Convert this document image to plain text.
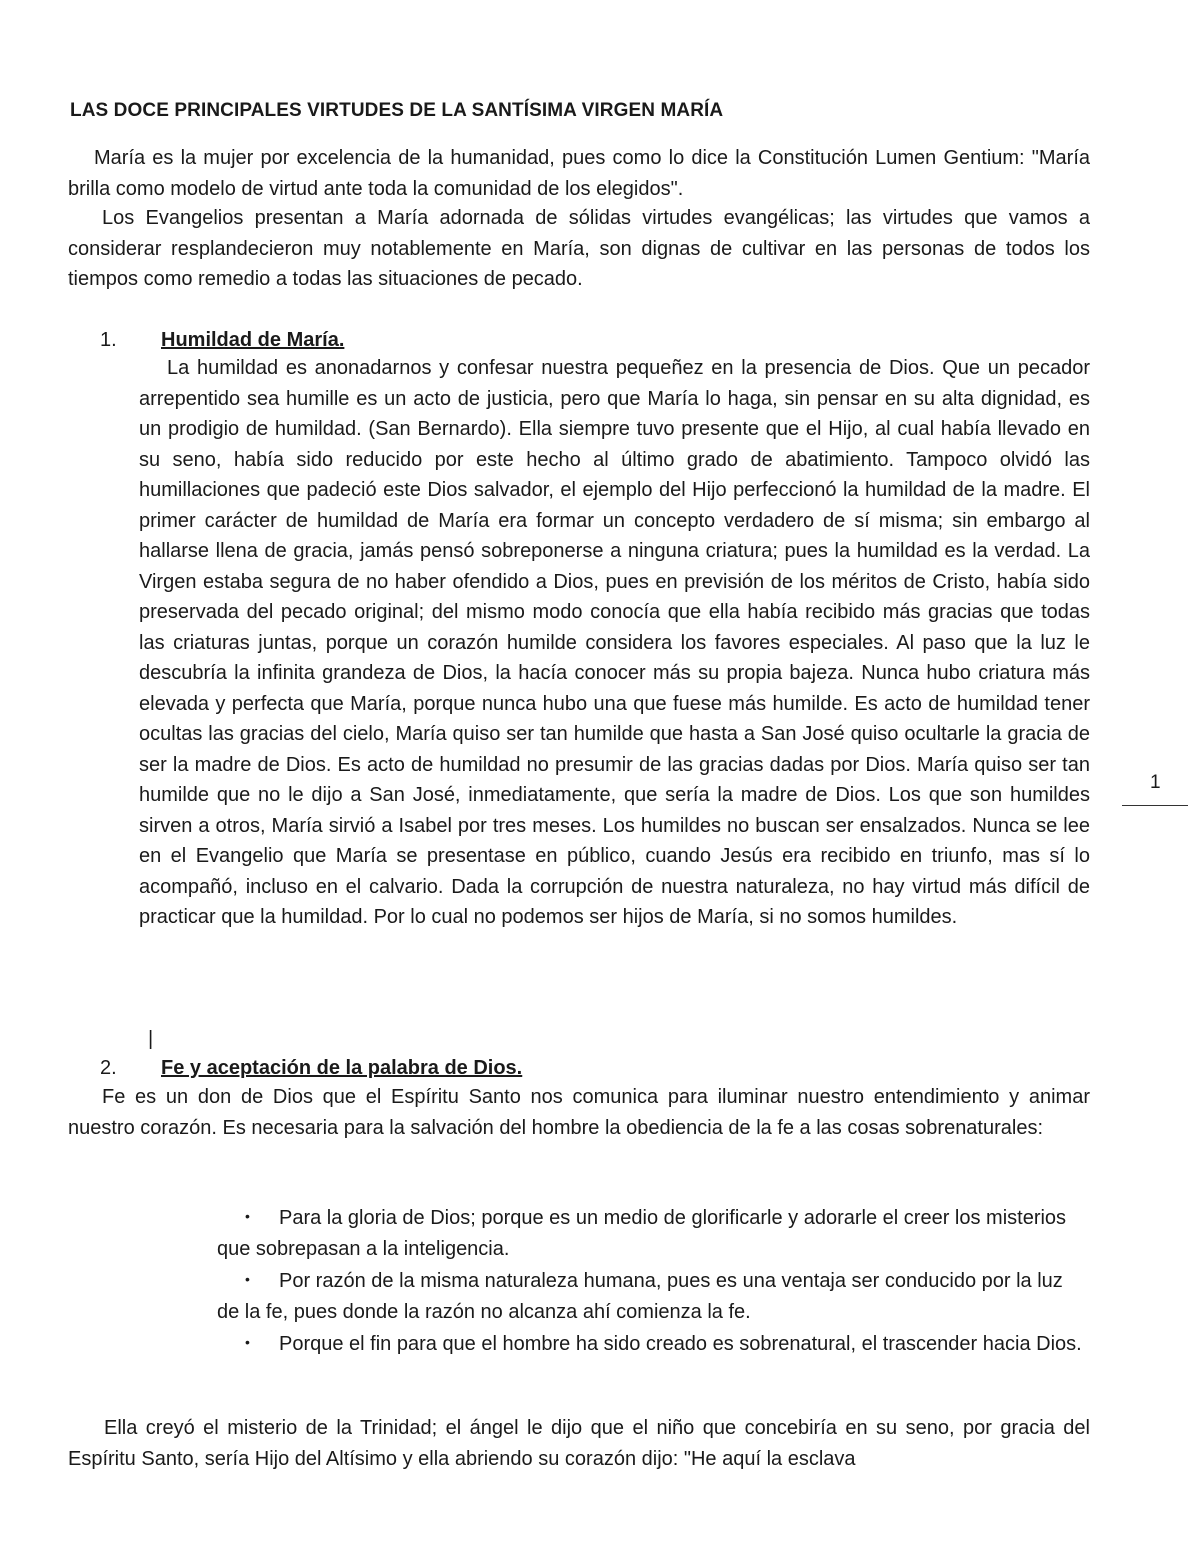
LAS DOCE PRINCIPALES VIRTUDES DE LA SANTÍSIMA VIRGEN MARÍA

María es la mujer por excelencia de la humanidad, pues como lo dice la Constitución Lumen Gentium: "María brilla como modelo de virtud ante toda la comunidad de los elegidos".

Los Evangelios presentan a María adornada de sólidas virtudes evangélicas; las virtudes que vamos a considerar resplandecieron muy notablemente en María, son dignas de cultivar en las personas de todos los tiempos como remedio a todas las situaciones de pecado.

1. Humildad de María.

La humildad es anonadarnos y confesar nuestra pequeñez en la presencia de Dios. Que un pecador arrepentido sea humille es un acto de justicia, pero que María lo haga, sin pensar en su alta dignidad, es un prodigio de humildad. (San Bernardo). Ella siempre tuvo presente que el Hijo, al cual había llevado en su seno, había sido reducido por este hecho al último grado de abatimiento. Tampoco olvidó las humillaciones que padeció este Dios salvador, el ejemplo del Hijo perfeccionó la humildad de la madre. El primer carácter de humildad de María era formar un concepto verdadero de sí misma; sin embargo al hallarse llena de gracia, jamás pensó sobreponerse a ninguna criatura; pues la humildad es la verdad. La Virgen estaba segura de no haber ofendido a Dios, pues en previsión de los méritos de Cristo, había sido preservada del pecado original; del mismo modo conocía que ella había recibido más gracias que todas las criaturas juntas, porque un corazón humilde considera los favores especiales. Al paso que la luz le descubría la infinita grandeza de Dios, la hacía conocer más su propia bajeza. Nunca hubo criatura más elevada y perfecta que María, porque nunca hubo una que fuese más humilde. Es acto de humildad tener ocultas las gracias del cielo, María quiso ser tan humilde que hasta a San José quiso ocultarle la gracia de ser la madre de Dios. Es acto de humildad no presumir de las gracias dadas por Dios. María quiso ser tan humilde que no le dijo a San José, inmediatamente, que sería la madre de Dios. Los que son humildes sirven a otros, María sirvió a Isabel por tres meses. Los humildes no buscan ser ensalzados. Nunca se lee en el Evangelio que María se presentase en público, cuando Jesús era recibido en triunfo, mas sí lo acompañó, incluso en el calvario. Dada la corrupción de nuestra naturaleza, no hay virtud más difícil de practicar que la humildad. Por lo cual no podemos ser hijos de María, si no somos humildes.

|
2. Fe y aceptación de la palabra de Dios.

Fe es un don de Dios que el Espíritu Santo nos comunica para iluminar nuestro entendimiento y animar nuestro corazón. Es necesaria para la salvación del hombre la obediencia de la fe a las cosas sobrenaturales:

• Para la gloria de Dios; porque es un medio de glorificarle y adorarle el creer los misterios que sobrepasan a la inteligencia.
• Por razón de la misma naturaleza humana, pues es una ventaja ser conducido por la luz de la fe, pues donde la razón no alcanza ahí comienza la fe.
• Porque el fin para que el hombre ha sido creado es sobrenatural, el trascender hacia Dios.

Ella creyó el misterio de la Trinidad; el ángel le dijo que el niño que concebiría en su seno, por gracia del Espíritu Santo, sería Hijo del Altísimo y ella abriendo su corazón dijo: "He aquí la esclava

1
